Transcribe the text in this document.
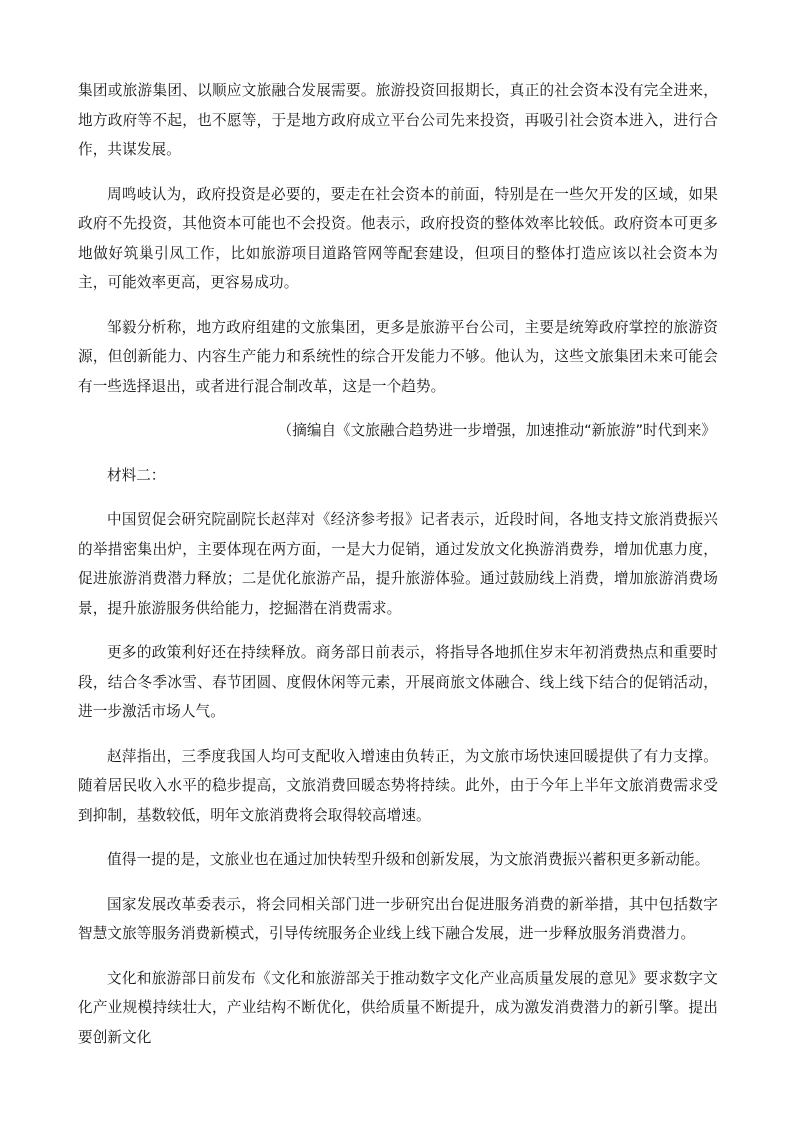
集团或旅游集团、以顺应文旅融合发展需要。旅游投资回报期长，真正的社会资本没有完全进来，地方政府等不起，也不愿等，于是地方政府成立平台公司先来投资，再吸引社会资本进入，进行合作，共谋发展。

周鸣岐认为，政府投资是必要的，要走在社会资本的前面，特别是在一些欠开发的区域，如果政府不先投资，其他资本可能也不会投资。他表示，政府投资的整体效率比较低。政府资本可更多地做好筑巢引凤工作，比如旅游项目道路管网等配套建设，但项目的整体打造应该以社会资本为主，可能效率更高，更容易成功。

邹毅分析称，地方政府组建的文旅集团，更多是旅游平台公司，主要是统筹政府掌控的旅游资源，但创新能力、内容生产能力和系统性的综合开发能力不够。他认为，这些文旅集团未来可能会有一些选择退出，或者进行混合制改革，这是一个趋势。

（摘编自《文旅融合趋势进一步增强，加速推动“新旅游”时代到来》

材料二：

中国贸促会研究院副院长赵萍对《经济参考报》记者表示，近段时间，各地支持文旅消费振兴的举措密集出炉，主要体现在两方面，一是大力促销，通过发放文化换游消费券，增加优惠力度，促进旅游消费潜力释放；二是优化旅游产品，提升旅游体验。通过鼓励线上消费，增加旅游消费场景，提升旅游服务供给能力，挖掘潜在消费需求。

更多的政策利好还在持续释放。商务部日前表示，将指导各地抓住岁末年初消费热点和重要时段，结合冬季冰雪、春节团圆、度假休闲等元素，开展商旅文体融合、线上线下结合的促销活动，进一步激活市场人气。

赵萍指出，三季度我国人均可支配收入增速由负转正，为文旅市场快速回暖提供了有力支撑。随着居民收入水平的稳步提高，文旅消费回暖态势将持续。此外，由于今年上半年文旅消费需求受到抑制，基数较低，明年文旅消费将会取得较高增速。

值得一提的是，文旅业也在通过加快转型升级和创新发展，为文旅消费振兴蓄积更多新动能。

国家发展改革委表示，将会同相关部门进一步研究出台促进服务消费的新举措，其中包括数字智慧文旅等服务消费新模式，引导传统服务企业线上线下融合发展，进一步释放服务消费潜力。

文化和旅游部日前发布《文化和旅游部关于推动数字文化产业高质量发展的意见》要求数字文化产业规模持续壮大，产业结构不断优化，供给质量不断提升，成为激发消费潜力的新引擎。提出要创新文化
